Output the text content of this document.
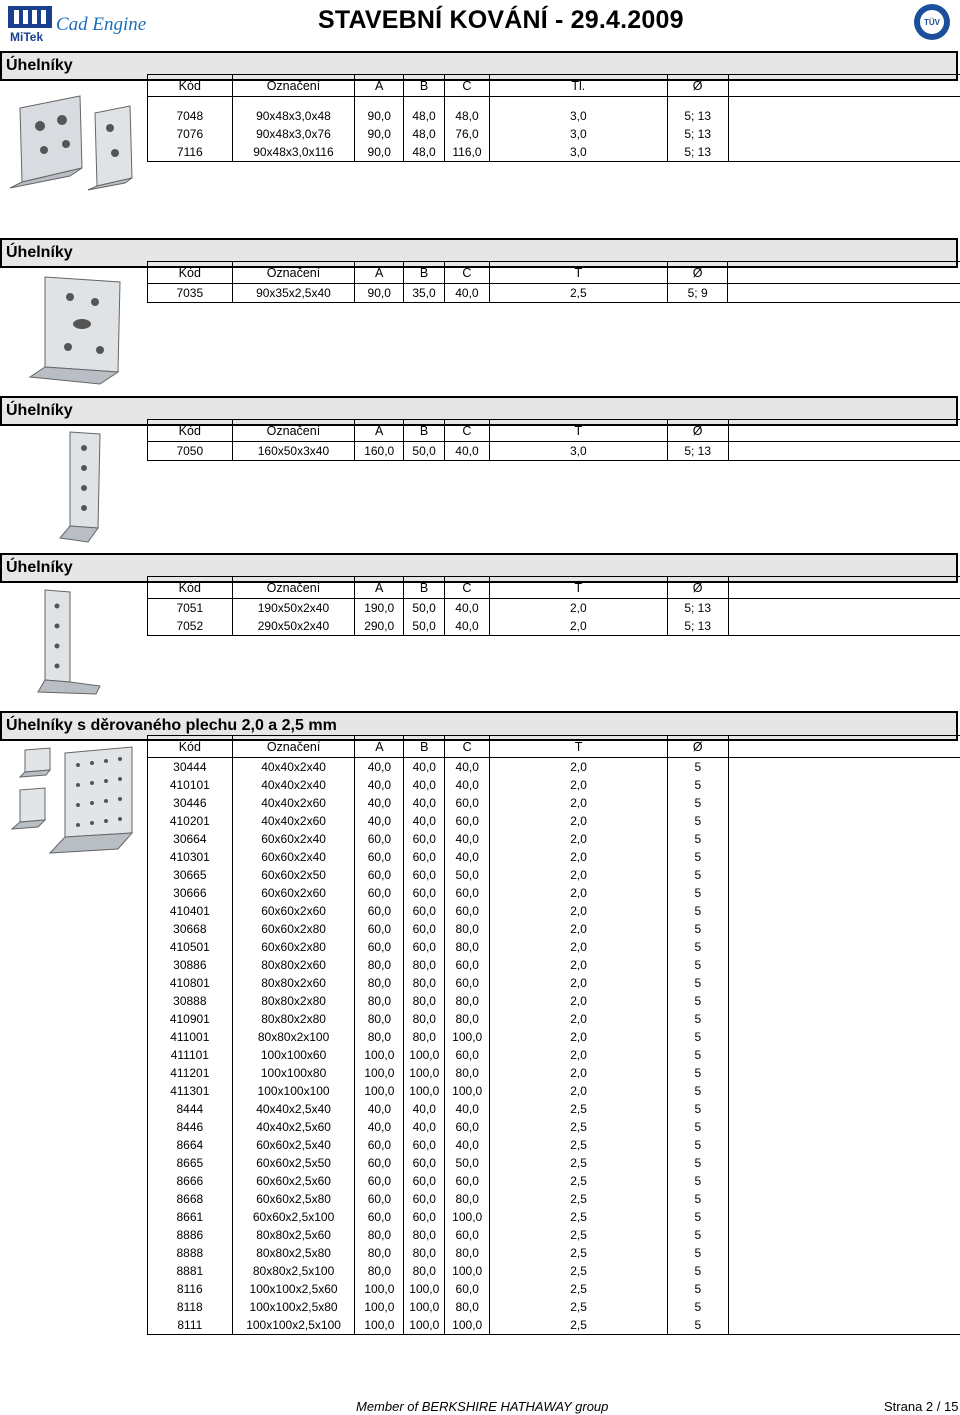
MiTek
Cad Engine	STAVEBNÍ KOVÁNÍ - 29.4.2009	TÜV
Úhelníky
Kód	Označení	A	B	C	Tl.	Ø	

7048	90x48x3,0x48	90,0	48,0	48,0	3,0	5; 13	
7076	90x48x3,0x76	90,0	48,0	76,0	3,0	5; 13	
7116	90x48x3,0x116	90,0	48,0	116,0	3,0	5; 13	
Úhelníky
Kód	Označení	A	B	C	T	Ø	
7035	90x35x2,5x40	90,0	35,0	40,0	2,5	5; 9	
Úhelníky
Kód	Označení	A	B	C	T	Ø	
7050	160x50x3x40	160,0	50,0	40,0	3,0	5; 13	
Úhelníky
Kód	Označení	A	B	C	T	Ø	
7051	190x50x2x40	190,0	50,0	40,0	2,0	5; 13	
7052	290x50x2x40	290,0	50,0	40,0	2,0	5; 13	
Úhelníky s děrovaného plechu 2,0 a 2,5 mm
Kód	Označení	A	B	C	T	Ø	
30444	40x40x2x40	40,0	40,0	40,0	2,0	5	
410101	40x40x2x40	40,0	40,0	40,0	2,0	5	
30446	40x40x2x60	40,0	40,0	60,0	2,0	5	
410201	40x40x2x60	40,0	40,0	60,0	2,0	5	
30664	60x60x2x40	60,0	60,0	40,0	2,0	5	
410301	60x60x2x40	60,0	60,0	40,0	2,0	5	
30665	60x60x2x50	60,0	60,0	50,0	2,0	5	
30666	60x60x2x60	60,0	60,0	60,0	2,0	5	
410401	60x60x2x60	60,0	60,0	60,0	2,0	5	
30668	60x60x2x80	60,0	60,0	80,0	2,0	5	
410501	60x60x2x80	60,0	60,0	80,0	2,0	5	
30886	80x80x2x60	80,0	80,0	60,0	2,0	5	
410801	80x80x2x60	80,0	80,0	60,0	2,0	5	
30888	80x80x2x80	80,0	80,0	80,0	2,0	5	
410901	80x80x2x80	80,0	80,0	80,0	2,0	5	
411001	80x80x2x100	80,0	80,0	100,0	2,0	5	
411101	100x100x60	100,0	100,0	60,0	2,0	5	
411201	100x100x80	100,0	100,0	80,0	2,0	5	
411301	100x100x100	100,0	100,0	100,0	2,0	5	
8444	40x40x2,5x40	40,0	40,0	40,0	2,5	5	
8446	40x40x2,5x60	40,0	40,0	60,0	2,5	5	
8664	60x60x2,5x40	60,0	60,0	40,0	2,5	5	
8665	60x60x2,5x50	60,0	60,0	50,0	2,5	5	
8666	60x60x2,5x60	60,0	60,0	60,0	2,5	5	
8668	60x60x2,5x80	60,0	60,0	80,0	2,5	5	
8661	60x60x2,5x100	60,0	60,0	100,0	2,5	5	
8886	80x80x2,5x60	80,0	80,0	60,0	2,5	5	
8888	80x80x2,5x80	80,0	80,0	80,0	2,5	5	
8881	80x80x2,5x100	80,0	80,0	100,0	2,5	5	
8116	100x100x2,5x60	100,0	100,0	60,0	2,5	5	
8118	100x100x2,5x80	100,0	100,0	80,0	2,5	5	
8111	100x100x2,5x100	100,0	100,0	100,0	2,5	5	
Member of BERKSHIRE HATHAWAY group	Strana 2 / 15
